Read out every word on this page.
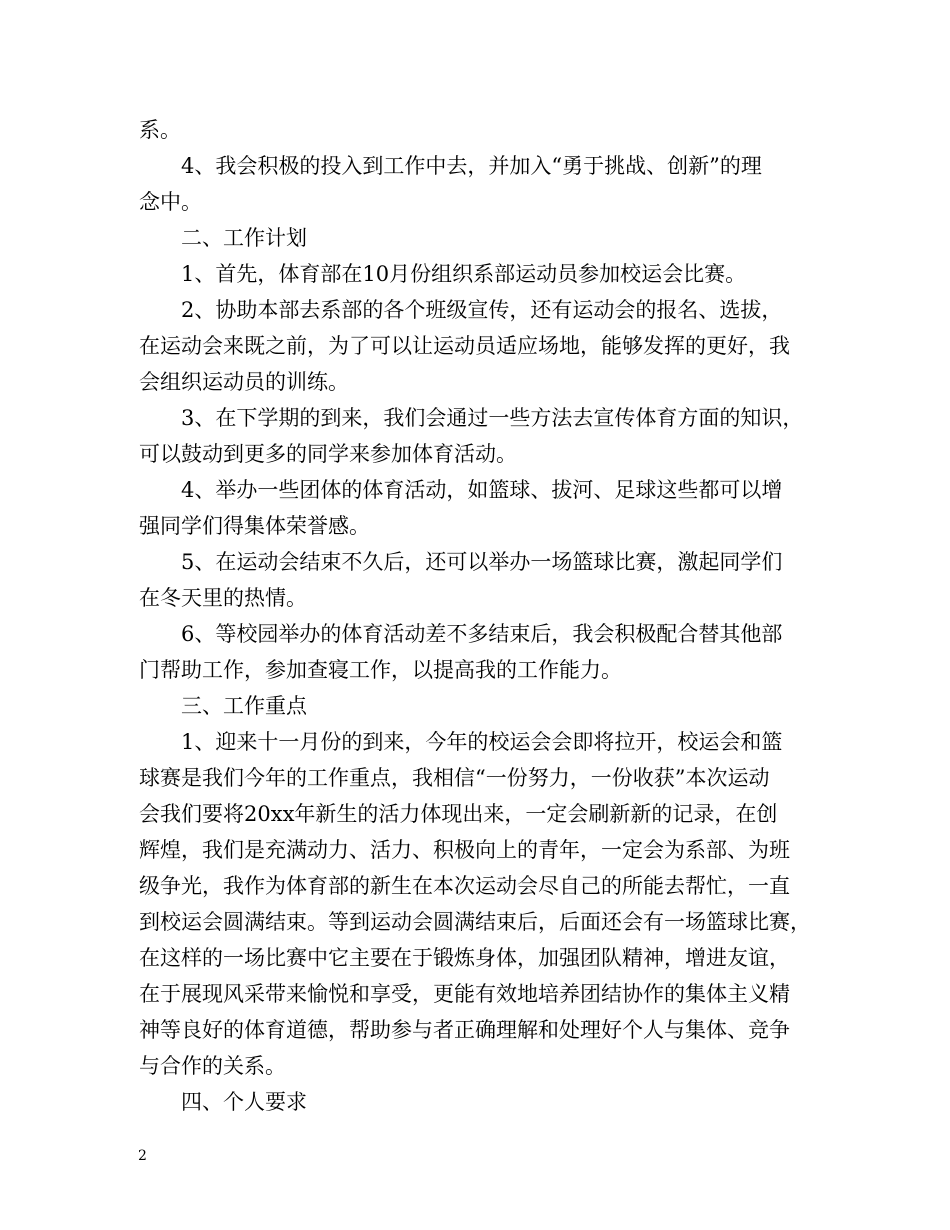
系。
4、我会积极的投入到工作中去，并加入“勇于挑战、创新”的理
念中。
二、工作计划
1、首先，体育部在10月份组织系部运动员参加校运会比赛。
2、协助本部去系部的各个班级宣传，还有运动会的报名、选拔，
在运动会来既之前，为了可以让运动员适应场地，能够发挥的更好，我
会组织运动员的训练。
3、在下学期的到来，我们会通过一些方法去宣传体育方面的知识，
可以鼓动到更多的同学来参加体育活动。
4、举办一些团体的体育活动，如篮球、拔河、足球这些都可以增
强同学们得集体荣誉感。
5、在运动会结束不久后，还可以举办一场篮球比赛，激起同学们
在冬天里的热情。
6、等校园举办的体育活动差不多结束后，我会积极配合替其他部
门帮助工作，参加查寝工作，以提高我的工作能力。
三、工作重点
1、迎来十一月份的到来，今年的校运会会即将拉开，校运会和篮
球赛是我们今年的工作重点，我相信“一份努力，一份收获”本次运动
会我们要将20xx年新生的活力体现出来，一定会刷新新的记录，在创
辉煌，我们是充满动力、活力、积极向上的青年，一定会为系部、为班
级争光，我作为体育部的新生在本次运动会尽自己的所能去帮忙，一直
到校运会圆满结束。等到运动会圆满结束后，后面还会有一场篮球比赛，
在这样的一场比赛中它主要在于锻炼身体，加强团队精神，增进友谊，
在于展现风采带来愉悦和享受，更能有效地培养团结协作的集体主义精
神等良好的体育道德，帮助参与者正确理解和处理好个人与集体、竞争
与合作的关系。
四、个人要求
2
